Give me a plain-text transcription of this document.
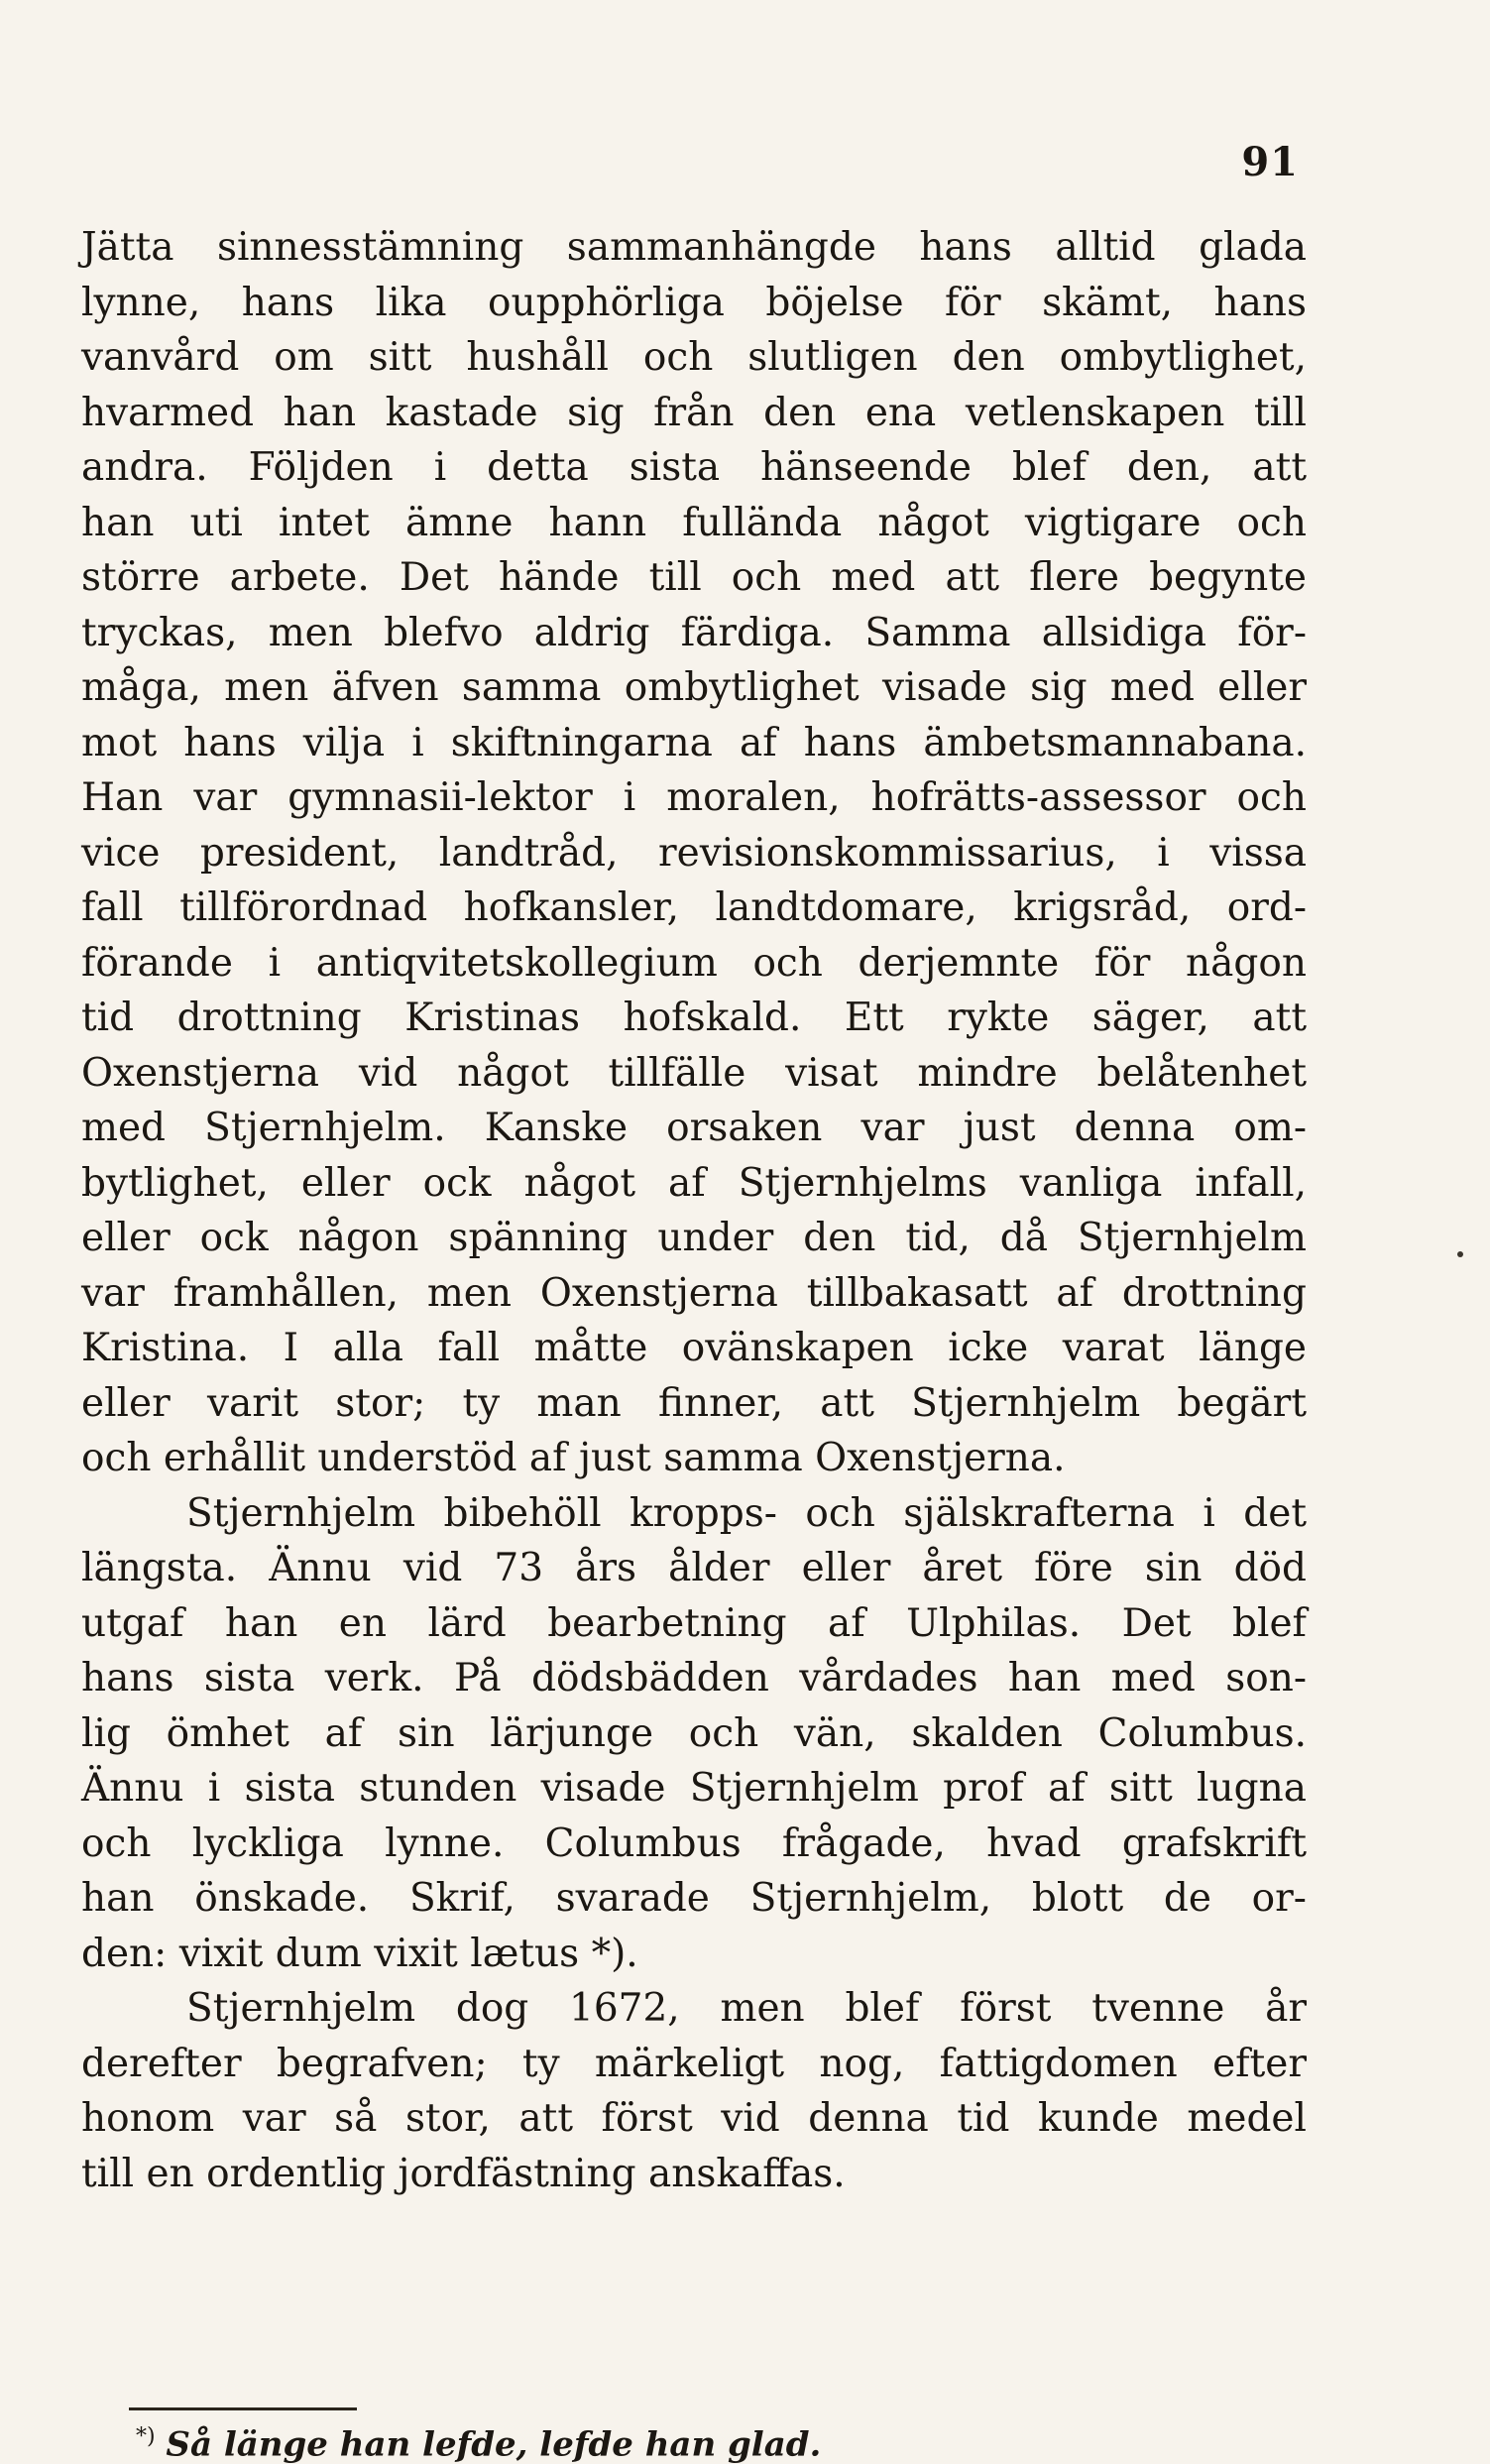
91
Jätta sinnesstämning sammanhängde hans alltid glada
lynne, hans lika oupphörliga böjelse för skämt, hans
vanvård om sitt hushåll och slutligen den ombytlighet,
hvarmed han kastade sig från den ena vetlenskapen till
andra. Följden i detta sista hänseende blef den, att
han uti intet ämne hann fullända något vigtigare och
större arbete. Det hände till och med att flere begynte
tryckas, men blefvo aldrig färdiga. Samma allsidiga för-
måga, men äfven samma ombytlighet visade sig med eller
mot hans vilja i skiftningarna af hans ämbetsmannabana.
Han var gymnasii-lektor i moralen, hofrätts-assessor och
vice president, landtråd, revisionskommissarius, i vissa
fall tillförordnad hofkansler, landtdomare, krigsråd, ord-
förande i antiqvitetskollegium och derjemnte för någon
tid drottning Kristinas hofskald. Ett rykte säger, att
Oxenstjerna vid något tillfälle visat mindre belåtenhet
med Stjernhjelm. Kanske orsaken var just denna om-
bytlighet, eller ock något af Stjernhjelms vanliga infall,
eller ock någon spänning under den tid, då Stjernhjelm
var framhållen, men Oxenstjerna tillbakasatt af drottning
Kristina. I alla fall måtte ovänskapen icke varat länge
eller varit stor; ty man finner, att Stjernhjelm begärt
och erhållit understöd af just samma Oxenstjerna.
Stjernhjelm bibehöll kropps- och själskrafterna i det
längsta. Ännu vid 73 års ålder eller året före sin död
utgaf han en lärd bearbetning af Ulphilas. Det blef
hans sista verk. På dödsbädden vårdades han med son-
lig ömhet af sin lärjunge och vän, skalden Columbus.
Ännu i sista stunden visade Stjernhjelm prof af sitt lugna
och lyckliga lynne. Columbus frågade, hvad grafskrift
han önskade. Skrif, svarade Stjernhjelm, blott de or-
den: vixit dum vixit lætus *).
Stjernhjelm dog 1672, men blef först tvenne år
derefter begrafven; ty märkeligt nog, fattigdomen efter
honom var så stor, att först vid denna tid kunde medel
till en ordentlig jordfästning anskaffas.
*) Så länge han lefde, lefde han glad.
